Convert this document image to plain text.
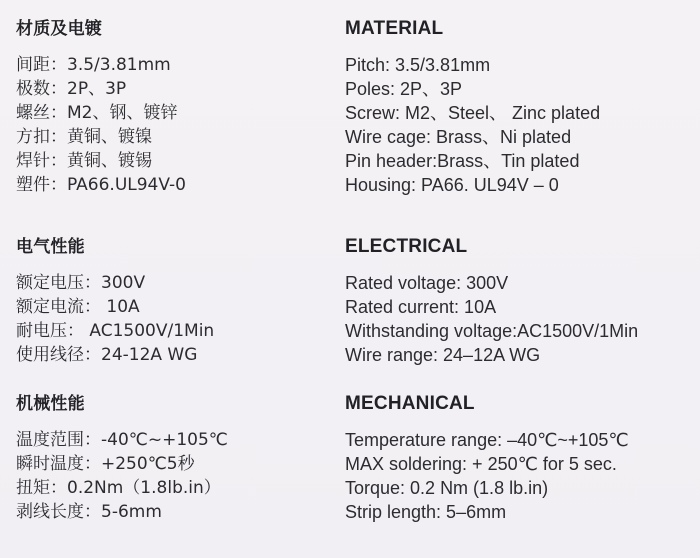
材质及电镀
间距：3.5/3.81mm
极数：2P、3P
螺丝：M2、钢、镀锌
方扣：黄铜、镀镍
焊针：黄铜、镀锡
塑件：PA66.UL94V-0
电气性能
额定电压：300V
额定电流： 10A
耐电压： AC1500V/1Min
使用线径：24-12A WG
机械性能
温度范围：-40℃~+105℃
瞬时温度：+250℃5秒
扭矩：0.2Nm（1.8lb.in）
剥线长度：5-6mm
MATERIAL
Pitch: 3.5/3.81mm
Poles: 2P、3P
Screw: M2、Steel、 Zinc plated
Wire cage: Brass、Ni plated
Pin header:Brass、Tin plated
Housing: PA66. UL94V – 0
ELECTRICAL
Rated voltage: 300V
Rated current: 10A
Withstanding voltage:AC1500V/1Min
Wire range: 24–12A WG
MECHANICAL
Temperature range: –40℃~+105℃
MAX soldering: + 250℃ for 5 sec.
Torque: 0.2 Nm (1.8 lb.in)
Strip length: 5–6mm
